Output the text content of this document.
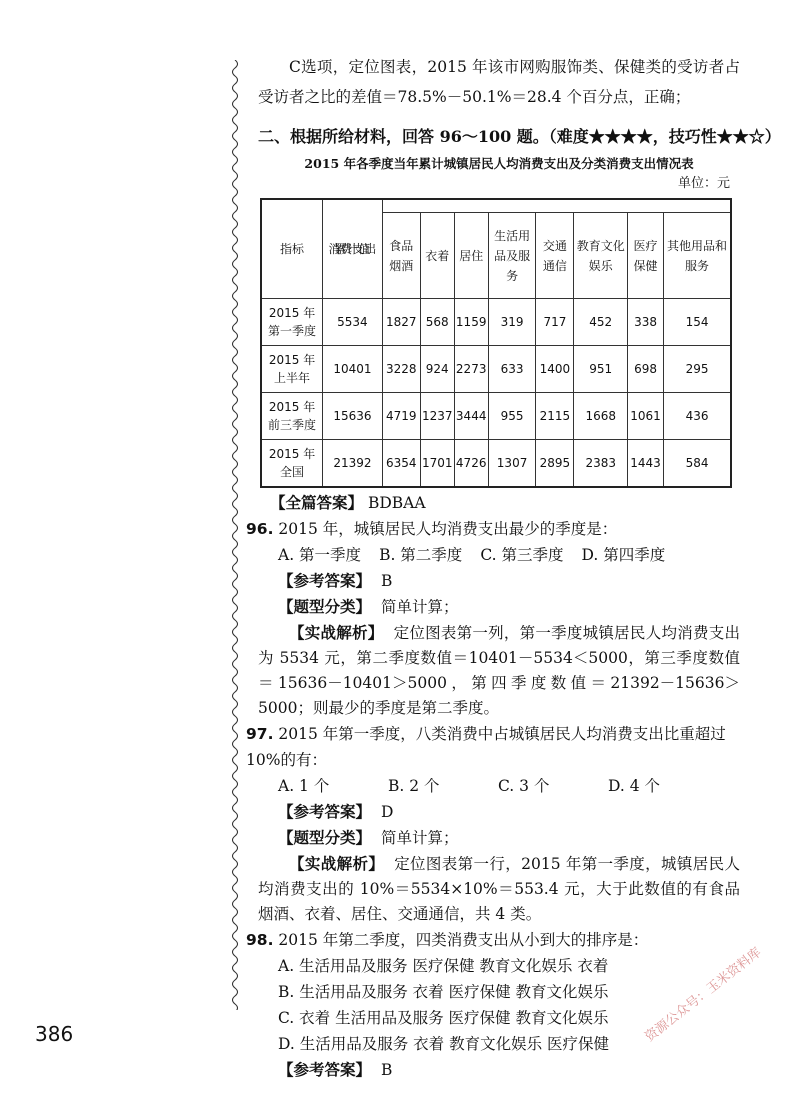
C选项，定位图表，2015 年该市网购服饰类、保健类的受访者占受访者之比的差值＝78.5%－50.1%＝28.4 个百分点，正确；

二、根据所给材料，回答 96～100 题。（难度★★★★，技巧性★★☆）

2015 年各季度当年累计城镇居民人均消费支出及分类消费支出情况表

单位：元

指标	消费支出累计值								
		食品烟酒	衣着	居住	生活用品及服务	交通通信	教育文化娱乐	医疗保健	其他用品和服务
2015 年第一季度	5534	1827	568	1159	319	717	452	338	154
2015 年上半年	10401	3228	924	2273	633	1400	951	698	295
2015 年前三季度	15636	4719	1237	3444	955	2115	1668	1061	436
2015 年全国	21392	6354	1701	4726	1307	2895	2383	1443	584

【全篇答案】 BDBAA

96. 2015 年，城镇居民人均消费支出最少的季度是：

A. 第一季度 B. 第二季度 C. 第三季度 D. 第四季度

【参考答案】 B

【题型分类】 简单计算；

【实战解析】 定位图表第一列，第一季度城镇居民人均消费支出为 5534 元，第二季度数值＝10401－5534＜5000，第三季度数值＝15636－10401＞5000，第四季度数值＝21392－15636＞5000；则最少的季度是第二季度。

97. 2015 年第一季度，八类消费中占城镇居民人均消费支出比重超过 10%的有：

A. 1 个	B. 2 个	C. 3 个	D. 4 个

【参考答案】 D

【题型分类】 简单计算；

【实战解析】 定位图表第一行，2015 年第一季度，城镇居民人均消费支出的 10%＝5534×10%＝553.4 元，大于此数值的有食品烟酒、衣着、居住、交通通信，共 4 类。

98. 2015 年第二季度，四类消费支出从小到大的排序是：

A. 生活用品及服务 医疗保健 教育文化娱乐 衣着

B. 生活用品及服务 衣着 医疗保健 教育文化娱乐

C. 衣着 生活用品及服务 医疗保健 教育文化娱乐

D. 生活用品及服务 衣着 教育文化娱乐 医疗保健

【参考答案】 B

386	资源公众号：玉米资料库
